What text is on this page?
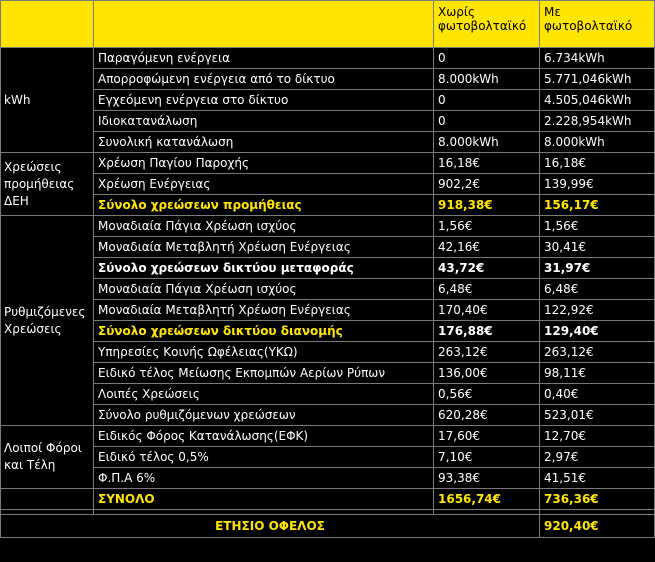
		Χωρίς φωτοβολταϊκό	Με φωτοβολταϊκό
kWh	Παραγόμενη ενέργεια	0	6.734kWh
	Απορροφώμενη ενέργεια από το δίκτυο	8.000kWh	5.771,046kWh
	Εγχεόμενη ενέργεια στο δίκτυο	0	4.505,046kWh
	Ιδιοκατανάλωση	0	2.228,954kWh
	Συνολική κατανάλωση	8.000kWh	8.000kWh
Χρεώσεις προμήθειας ΔΕΗ	Χρέωση Παγίου Παροχής	16,18€	16,18€
	Χρέωση Ενέργειας	902,2€	139,99€
	Σύνολο χρεώσεων προμήθειας	918,38€	156,17€
Ρυθμιζόμενες Χρεώσεις	Μοναδιαία Πάγια Χρέωση ισχύος	1,56€	1,56€
	Μοναδιαία Μεταβλητή Χρέωση Ενέργειας	42,16€	30,41€
	Σύνολο χρεώσεων δικτύου μεταφοράς	43,72€	31,97€
	Μοναδιαία Πάγια Χρέωση ισχύος	6,48€	6,48€
	Μοναδιαία Μεταβλητή Χρέωση Ενέργειας	170,40€	122,92€
	Σύνολο χρεώσεων δικτύου διανομής	176,88€	129,40€
	Υπηρεσίες Κοινής Ωφέλειας(ΥΚΩ)	263,12€	263,12€
	Ειδικό τέλος Μείωσης Εκπομπών Αερίων Ρύπων	136,00€	98,11€
	Λοιπές Χρεώσεις	0,56€	0,40€
	Σύνολο ρυθμιζόμενων χρεώσεων	620,28€	523,01€
Λοιποί Φόροι και Τέλη	Ειδικός Φόρος Κατανάλωσης(ΕΦΚ)	17,60€	12,70€
	Ειδικό τέλος 0,5%	7,10€	2,97€
	Φ.Π.Α 6%	93,38€	41,51€
	ΣΥΝΟΛΟ	1656,74€	736,36€

ΕΤΗΣΙΟ ΟΦΕΛΟΣ			920,40€
